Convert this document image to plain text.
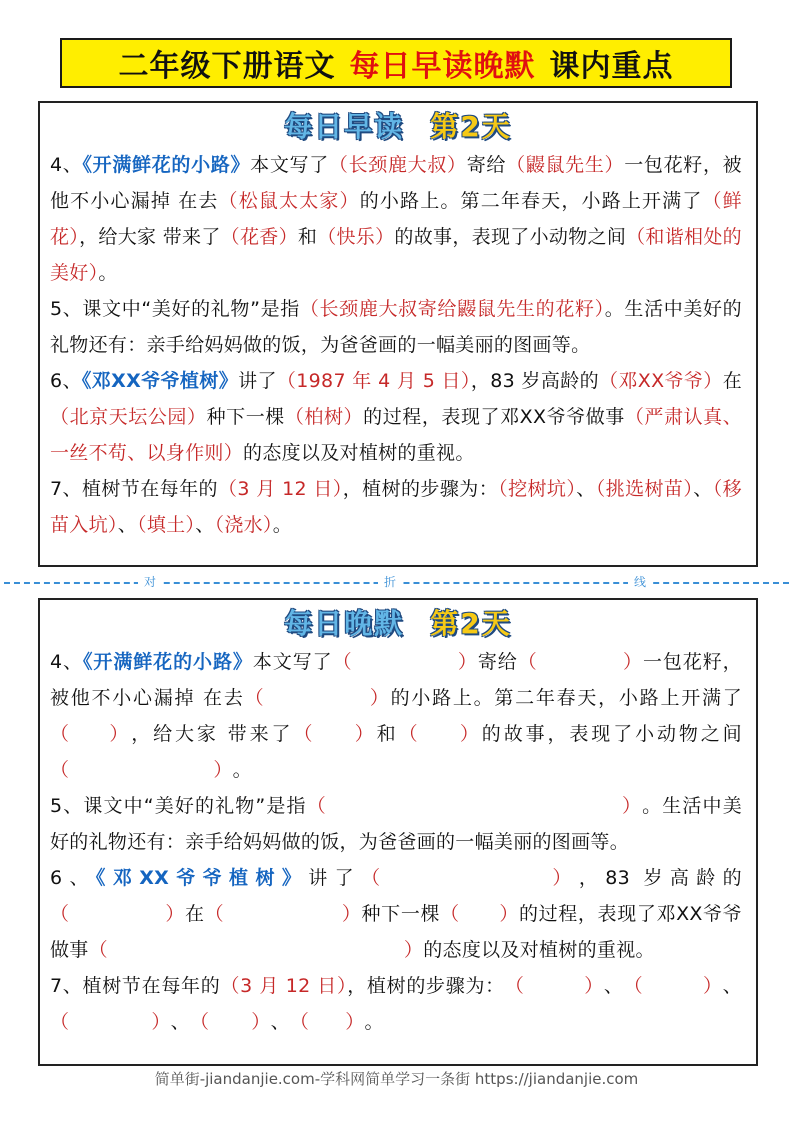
二年级下册语文 每日早读晚默 课内重点
每日早读 第2天

4、《开满鲜花的小路》本文写了（长颈鹿大叔）寄给（鼹鼠先生）一包花籽，被他不小心漏掉 在去（松鼠太太家）的小路上。第二年春天，小路上开满了（鲜花），给大家 带来了（花香）和（快乐）的故事，表现了小动物之间（和谐相处的美好）。

5、课文中“美好的礼物”是指（长颈鹿大叔寄给鼹鼠先生的花籽）。生活中美好的礼物还有：亲手给妈妈做的饭，为爸爸画的一幅美丽的图画等。

6、《邓XX爷爷植树》讲了（1987 年 4 月 5 日），83 岁高龄的（邓XX爷爷）在（北京天坛公园）种下一棵（柏树）的过程，表现了邓XX爷爷做事（严肃认真、一丝不苟、以身作则）的态度以及对植树的重视。

7、植树节在每年的（3 月 12 日），植树的步骤为：（挖树坑）、（挑选树苗）、（移苗入坑）、（填土）、（浇水）。

对	折	线
每日晚默 第2天

4、《开满鲜花的小路》本文写了（	）寄给（	）一包花籽，被他不小心漏掉 在去（	）的小路上。第二年春天，小路上开满了（ ），给大家 带来了（ ）和（ ）的故事，表现了小动物之间（	）。

5、课文中“美好的礼物”是指（	）。生活中美好的礼物还有：亲手给妈妈做的饭，为爸爸画的一幅美丽的图画等。

6、《邓XX爷爷植树》讲了（	），83 岁高龄的（	）在（	）种下一棵（ ）的过程，表现了邓XX爷爷做事（	）的态度以及对植树的重视。

7、植树节在每年的（3 月 12 日），植树的步骤为：（	）、（	）、（	）、（ ）、（ ）。

简单街-jiandanjie.com-学科网简单学习一条街 https://jiandanjie.com
